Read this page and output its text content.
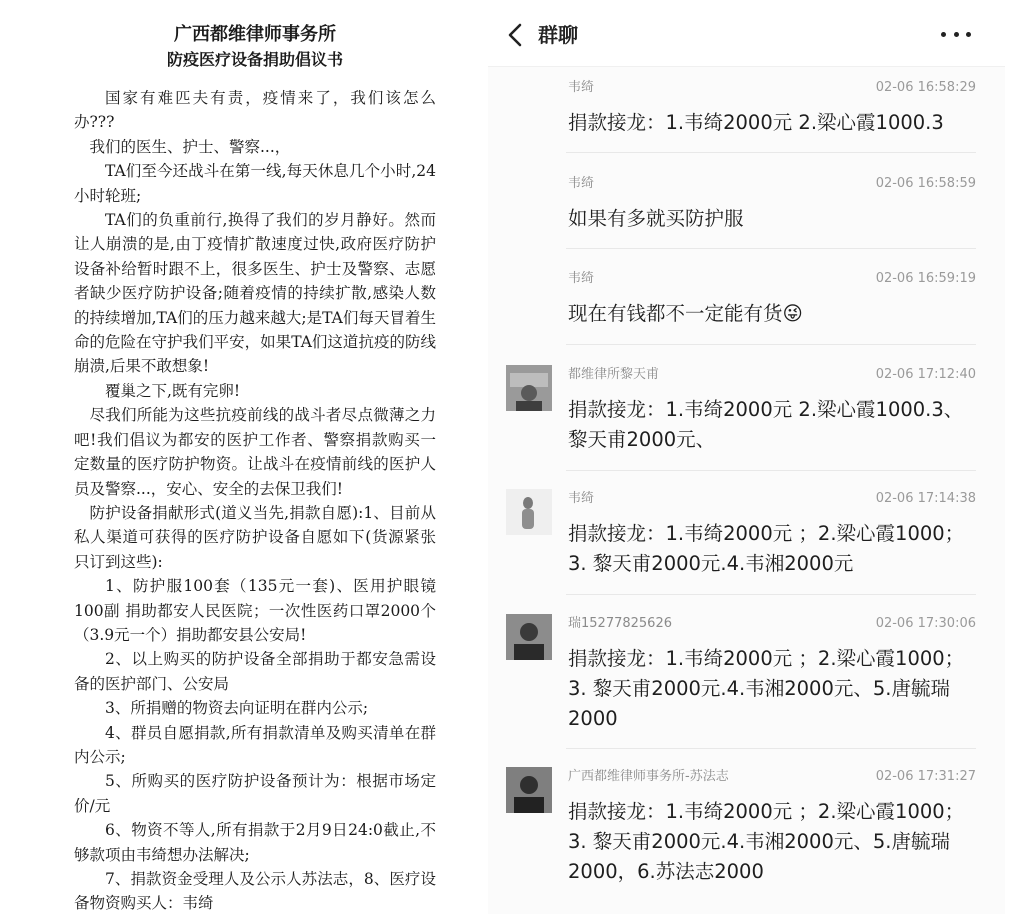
广西都维律师事务所

防疫医疗设备捐助倡议书

国家有难匹夫有责，疫情来了，我们该怎么办???

我们的医生、护士、警察...，

TA们至今还战斗在第一线,每天休息几个小时,24小时轮班;

TA们的负重前行,换得了我们的岁月静好。然而让人崩溃的是,由丁疫情扩散速度过快,政府医疗防护设备补给暂时跟不上，很多医生、护士及警察、志愿者缺少医疗防护设备;随着疫情的持续扩散,感染人数的持续增加,TA们的压力越来越大;是TA们每天冒着生命的危险在守护我们平安，如果TA们这道抗疫的防线崩溃,后果不敢想象!

覆巢之下,既有完卵!

尽我们所能为这些抗疫前线的战斗者尽点微薄之力吧!我们倡议为都安的医护工作者、警察捐款购买一定数量的医疗防护物资。让战斗在疫情前线的医护人员及警察...，安心、安全的去保卫我们!

防护设备捐献形式(道义当先,捐款自愿):1、目前从私人渠道可获得的医疗防护设备自愿如下(货源紧张只订到这些):

1、防护服100套（135元一套)、医用护眼镜100副 捐助都安人民医院；一次性医药口罩2000个（3.9元一个）捐助都安县公安局!

2、以上购买的防护设备全部捐助于都安急需设备的医护部门、公安局

3、所捐赠的物资去向证明在群内公示;

4、群员自愿捐款,所有捐款清单及购买清单在群内公示;

5、所购买的医疗防护设备预计为：根据市场定价/元

6、物资不等人,所有捐款于2月9日24:0截止,不够款项由韦绮想办法解决;

7、捐款资金受理人及公示人苏法志，8、医疗设备物资购买人：韦绮

群聊
韦绮	02-06 16:58:29
捐款接龙：1.韦绮2000元 2.梁心霞1000.3
韦绮	02-06 16:58:59
如果有多就买防护服
韦绮	02-06 16:59:19
现在有钱都不一定能有货😜
都维律所黎天甫	02-06 17:12:40
捐款接龙：1.韦绮2000元 2.梁心霞1000.3、黎天甫2000元、
韦绮	02-06 17:14:38
捐款接龙：1.韦绮2000元 ；2.梁心霞1000；3. 黎天甫2000元.4.韦湘2000元
瑞15277825626	02-06 17:30:06
捐款接龙：1.韦绮2000元 ；2.梁心霞1000；3. 黎天甫2000元.4.韦湘2000元、5.唐毓瑞2000
广西都维律师事务所-苏法志	02-06 17:31:27
捐款接龙：1.韦绮2000元 ；2.梁心霞1000；3. 黎天甫2000元.4.韦湘2000元、5.唐毓瑞2000，6.苏法志2000
